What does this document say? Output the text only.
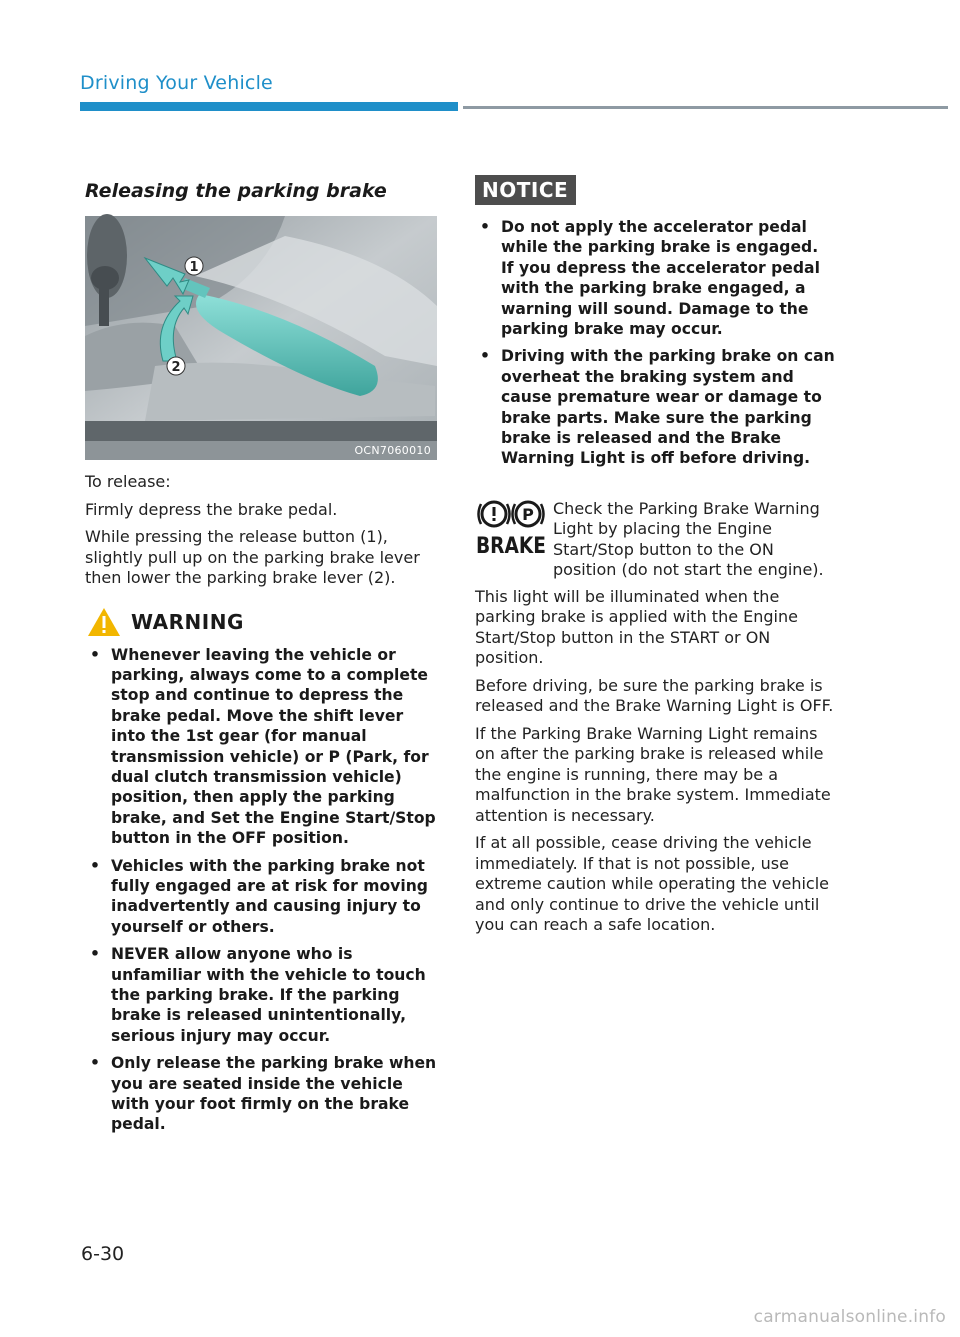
Driving Your Vehicle
Releasing the parking brake
1
2
OCN7060010

To release:

Firmly depress the brake pedal.

While pressing the release button (1), slightly pull up on the parking brake lever then lower the parking brake lever (2).

WARNING
• Whenever leaving the vehicle or parking, always come to a complete stop and continue to depress the brake pedal. Move the shift lever into the 1st gear (for manual transmission vehicle) or P (Park, for dual clutch transmission vehicle) position, then apply the parking brake, and Set the Engine Start/Stop button in the OFF position.
• Vehicles with the parking brake not fully engaged are at risk for moving inadvertently and causing injury to yourself or others.
• NEVER allow anyone who is unfamiliar with the vehicle to touch the parking brake. If the parking brake is released unintentionally, serious injury may occur.
• Only release the parking brake when you are seated inside the vehicle with your foot firmly on the brake pedal.
NOTICE
• Do not apply the accelerator pedal while the parking brake is engaged. If you depress the accelerator pedal with the parking brake engaged, a warning will sound. Damage to the parking brake may occur.
• Driving with the parking brake on can overheat the braking system and cause premature wear or damage to brake parts. Make sure the parking brake is released and the Brake Warning Light is off before driving.
P
BRAKE
Check the Parking Brake Warning Light by placing the Engine Start/Stop button to the ON position (do not start the engine).

This light will be illuminated when the parking brake is applied with the Engine Start/Stop button in the START or ON position.

Before driving, be sure the parking brake is released and the Brake Warning Light is OFF.

If the Parking Brake Warning Light remains on after the parking brake is released while the engine is running, there may be a malfunction in the brake system. Immediate attention is necessary.

If at all possible, cease driving the vehicle immediately. If that is not possible, use extreme caution while operating the vehicle and only continue to drive the vehicle until you can reach a safe location.

6-30
carmanualsonline.info
